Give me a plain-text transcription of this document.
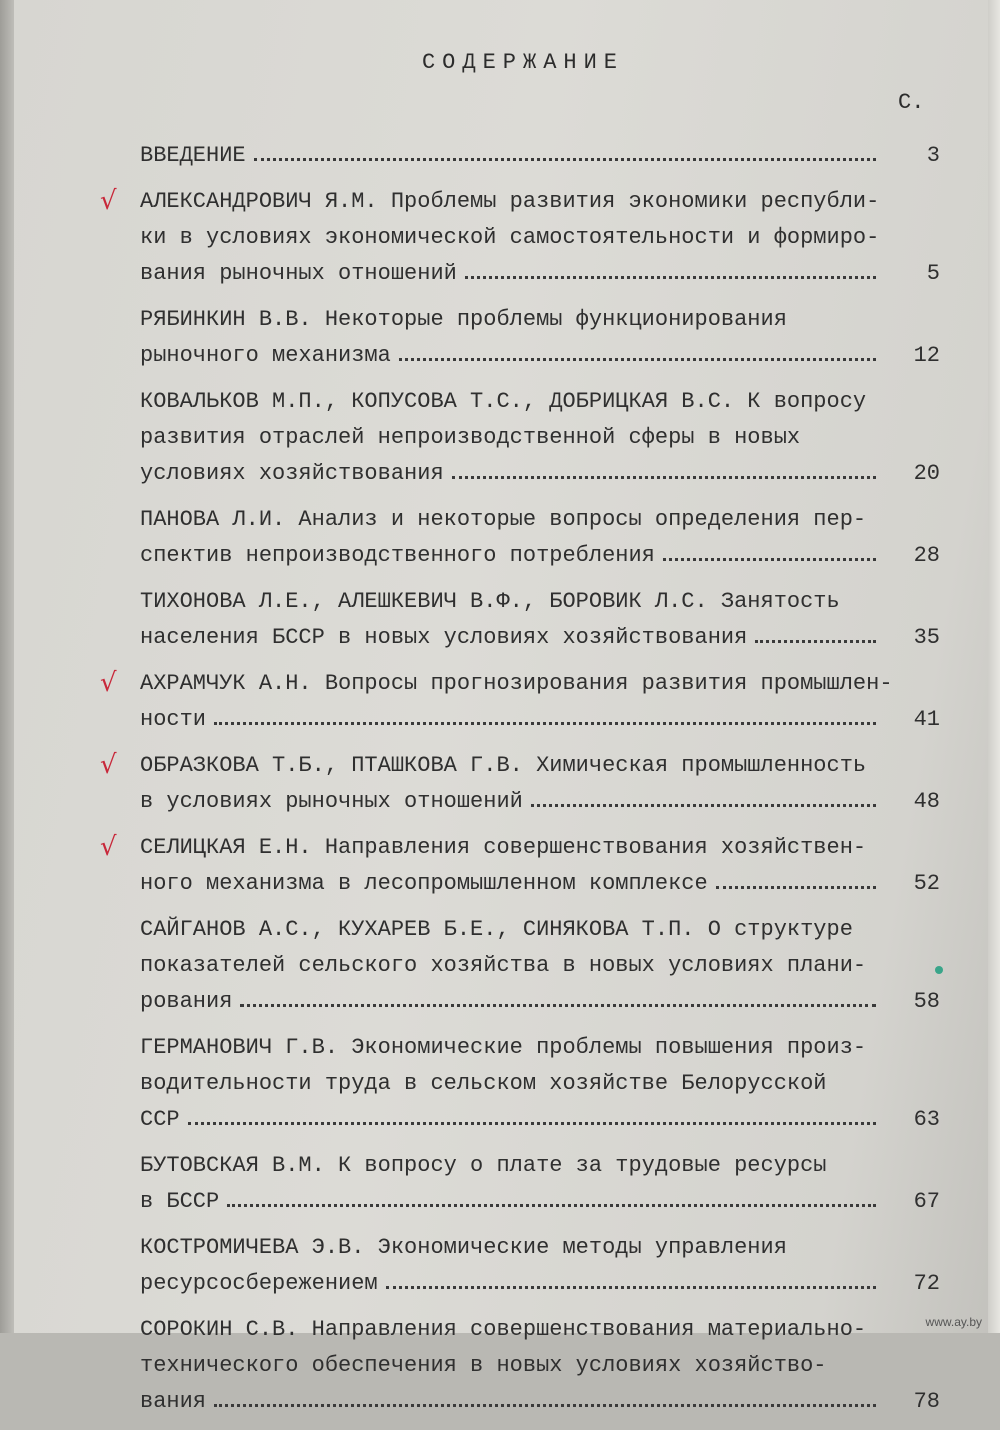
СОДЕРЖАНИЕ
С.
ВВЕДЕНИЕ	3
√ АЛЕКСАНДРОВИЧ Я.М. Проблемы развития экономики республи-
ки в условиях экономической самостоятельности и формиро-
вания рыночных отношений	5
РЯБИНКИН В.В. Некоторые проблемы функционирования
рыночного механизма	12
КОВАЛЬКОВ М.П., КОПУСОВА Т.С., ДОБРИЦКАЯ В.С. К вопросу
развития отраслей непроизводственной сферы в новых
условиях хозяйствования	20
ПАНОВА Л.И. Анализ и некоторые вопросы определения пер-
спектив непроизводственного потребления	28
ТИХОНОВА Л.Е., АЛЕШКЕВИЧ В.Ф., БОРОВИК Л.С. Занятость
населения БССР в новых условиях хозяйствования	35
√ АХРАМЧУК А.Н. Вопросы прогнозирования развития промышлен-
ности	41
√ ОБРАЗКОВА Т.Б., ПТАШКОВА Г.В. Химическая промышленность
в условиях рыночных отношений	48
√ СЕЛИЦКАЯ Е.Н. Направления совершенствования хозяйствен-
ного механизма в лесопромышленном комплексе	52
САЙГАНОВ А.С., КУХАРЕВ Б.Е., СИНЯКОВА Т.П. О структуре
показателей сельского хозяйства в новых условиях плани-
рования	58
ГЕРМАНОВИЧ Г.В. Экономические проблемы повышения произ-
водительности труда в сельском хозяйстве Белорусской
ССР	63
БУТОВСКАЯ В.М. К вопросу о плате за трудовые ресурсы
в БССР	67
КОСТРОМИЧЕВА Э.В. Экономические методы управления
ресурсосбережением	72
СОРОКИН С.В. Направления совершенствования материально-
технического обеспечения в новых условиях хозяйство-
вания	78
www.ay.by
